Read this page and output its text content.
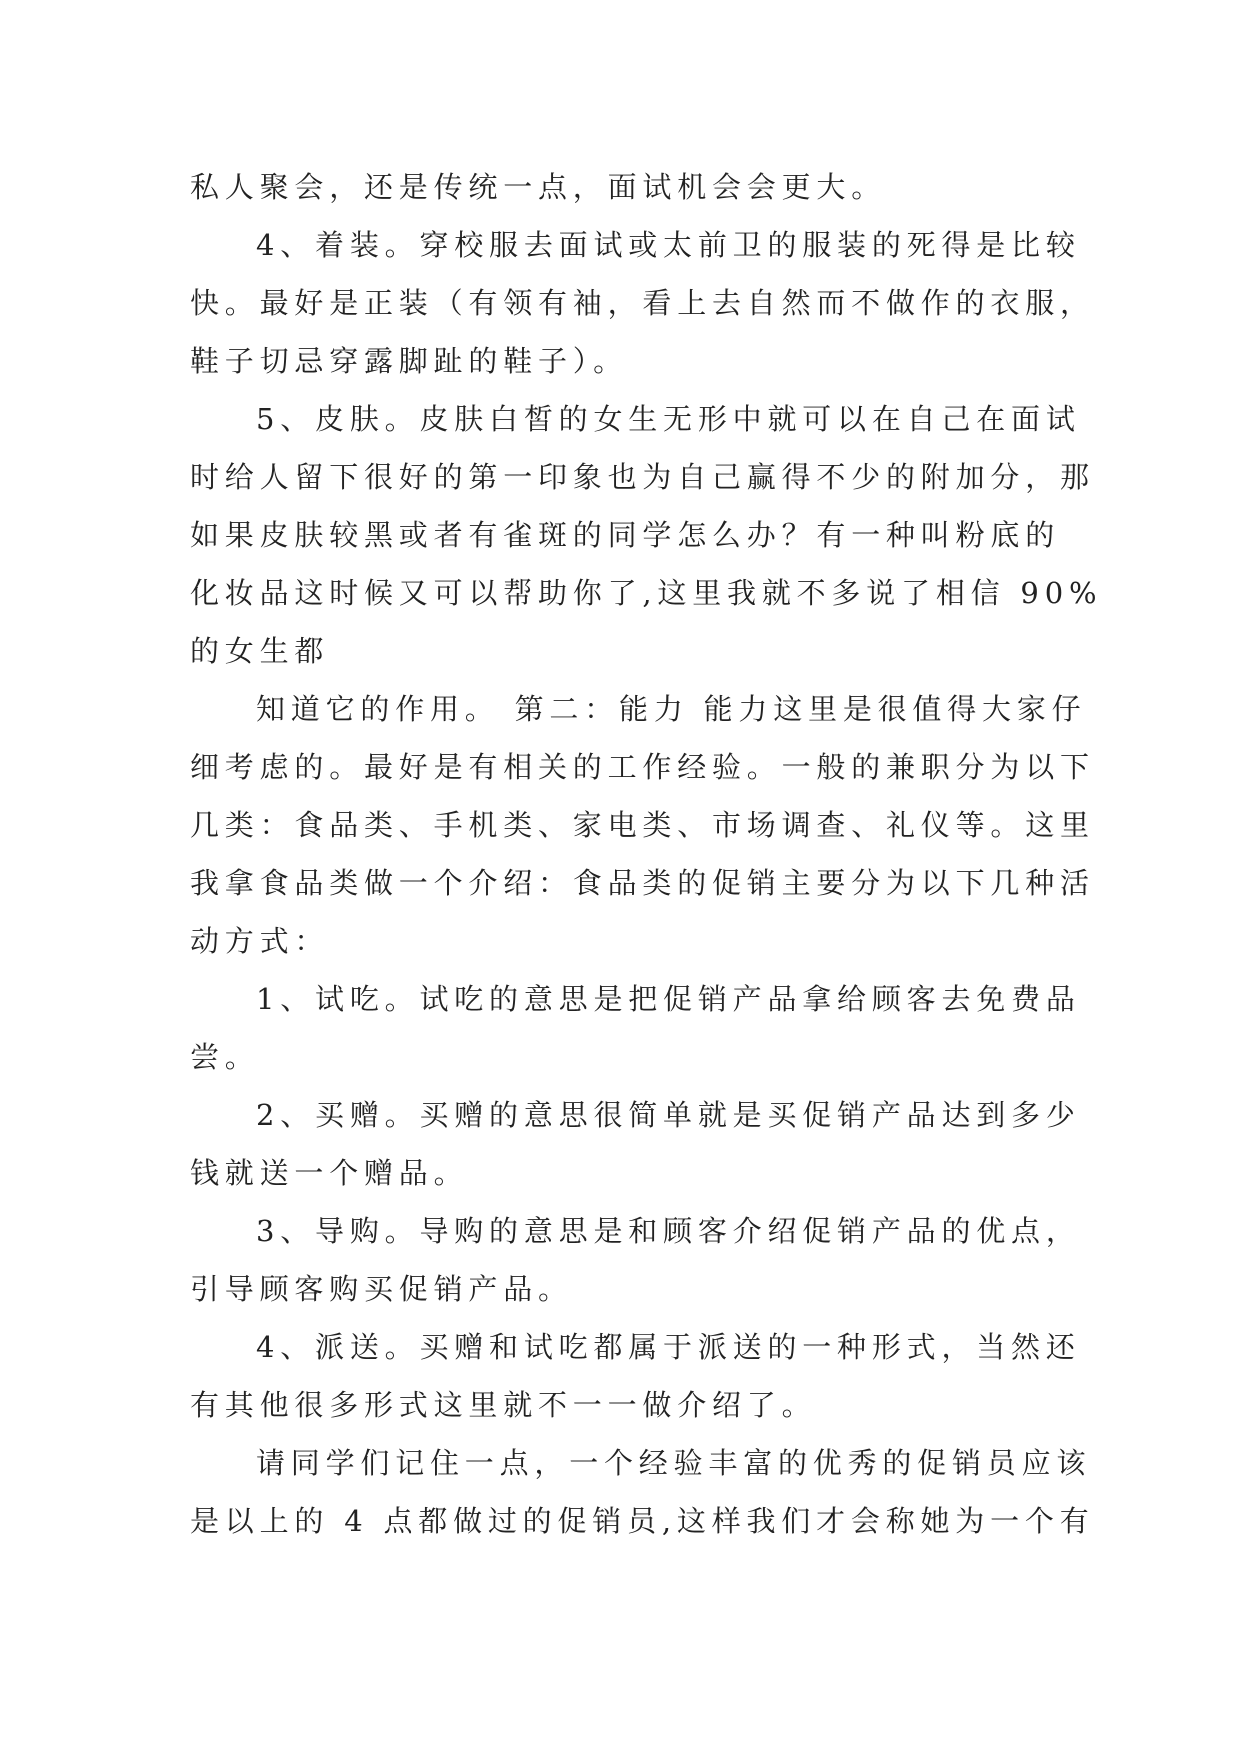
私人聚会，还是传统一点，面试机会会更大。
4、着装。穿校服去面试或太前卫的服装的死得是比较
快。最好是正装（有领有袖，看上去自然而不做作的衣服，
鞋子切忌穿露脚趾的鞋子）。
5、皮肤。皮肤白皙的女生无形中就可以在自己在面试
时给人留下很好的第一印象也为自己赢得不少的附加分，那
如果皮肤较黑或者有雀斑的同学怎么办？有一种叫粉底的
化妆品这时候又可以帮助你了,这里我就不多说了相信 90%
的女生都
知道它的作用。 第二：能力 能力这里是很值得大家仔
细考虑的。最好是有相关的工作经验。一般的兼职分为以下
几类：食品类、手机类、家电类、市场调查、礼仪等。这里
我拿食品类做一个介绍：食品类的促销主要分为以下几种活
动方式：
1、试吃。试吃的意思是把促销产品拿给顾客去免费品
尝。
2、买赠。买赠的意思很简单就是买促销产品达到多少
钱就送一个赠品。
3、导购。导购的意思是和顾客介绍促销产品的优点，
引导顾客购买促销产品。
4、派送。买赠和试吃都属于派送的一种形式，当然还
有其他很多形式这里就不一一做介绍了。
请同学们记住一点，一个经验丰富的优秀的促销员应该
是以上的 4 点都做过的促销员,这样我们才会称她为一个有
